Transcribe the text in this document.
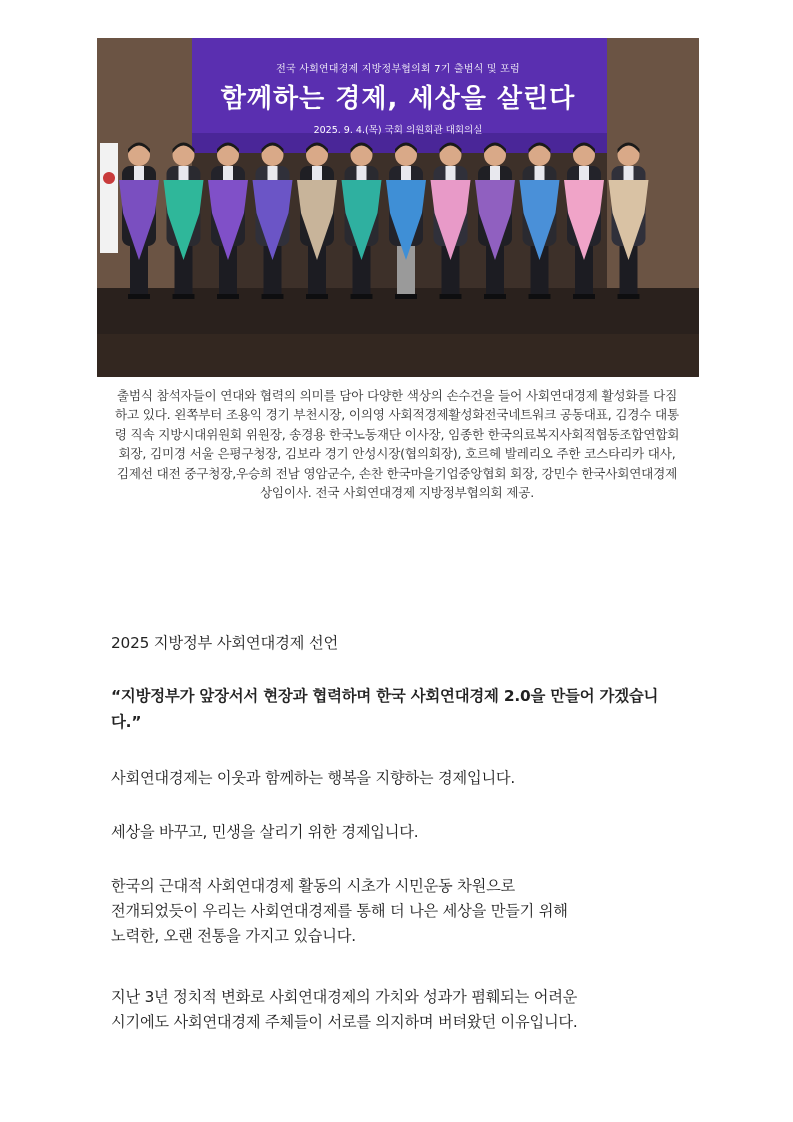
전국 사회연대경제 지방정부협의회 7기 출범식 및 포럼
함께하는 경제, 세상을 살린다
2025. 9. 4.(목) 국회 의원회관 대회의실
출범식 참석자들이 연대와 협력의 의미를 담아 다양한 색상의 손수건을 들어 사회연대경제 활성화를 다짐하고 있다. 왼쪽부터 조용익 경기 부천시장, 이의영 사회적경제활성화전국네트워크 공동대표, 김경수 대통령 직속 지방시대위원회 위원장, 송경용 한국노동재단 이사장, 임종한 한국의료복지사회적협동조합연합회 회장, 김미경 서울 은평구청장, 김보라 경기 안성시장(협의회장), 호르헤 발레리오 주한 코스타리카 대사, 김제선 대전 중구청장,우승희 전남 영암군수, 손찬 한국마을기업중앙협회 회장, 강민수 한국사회연대경제 상임이사. 전국 사회연대경제 지방정부협의회 제공.
2025 지방정부 사회연대경제 선언
“지방정부가 앞장서서 현장과 협력하며 한국 사회연대경제 2.0을 만들어 가겠습니다.”
사회연대경제는 이웃과 함께하는 행복을 지향하는 경제입니다.
세상을 바꾸고, 민생을 살리기 위한 경제입니다.
한국의 근대적 사회연대경제 활동의 시초가 시민운동 차원으로
전개되었듯이 우리는 사회연대경제를 통해 더 나은 세상을 만들기 위해
노력한, 오랜 전통을 가지고 있습니다.
지난 3년 정치적 변화로 사회연대경제의 가치와 성과가 폄훼되는 어려운
시기에도 사회연대경제 주체들이 서로를 의지하며 버텨왔던 이유입니다.
